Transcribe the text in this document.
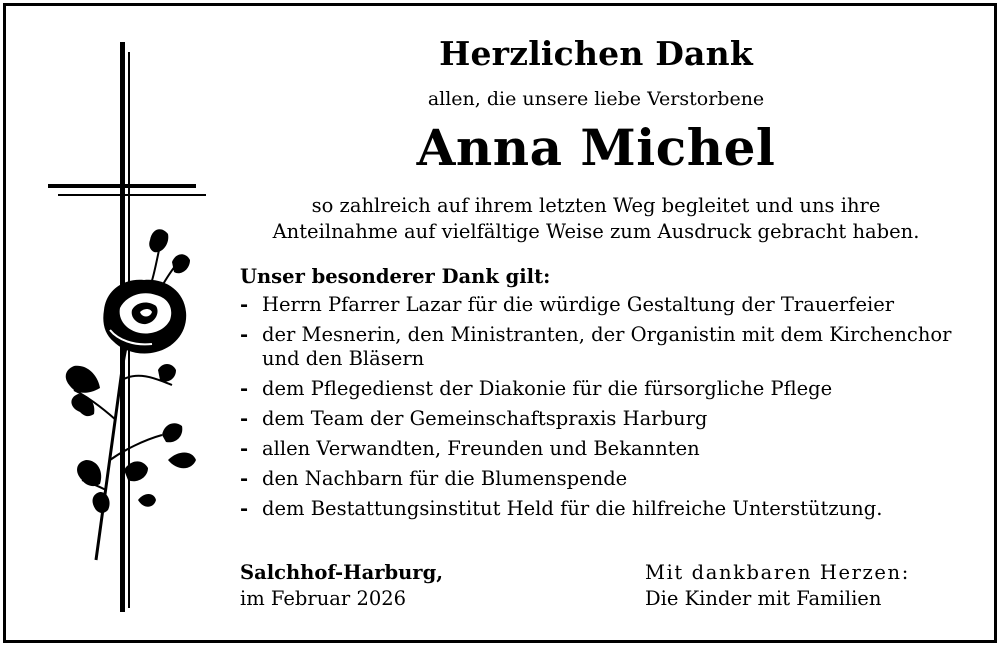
Herzlichen Dank

allen, die unsere liebe Verstorbene

Anna Michel

so zahlreich auf ihrem letzten Weg begleitet und uns ihre
Anteilnahme auf vielfältige Weise zum Ausdruck gebracht haben.

Unser besonderer Dank gilt:

- Herrn Pfarrer Lazar für die würdige Gestaltung der Trauerfeier
- der Mesnerin, den Ministranten, der Organistin mit dem Kirchenchor und den Bläsern
- dem Pflegedienst der Diakonie für die fürsorgliche Pflege
- dem Team der Gemeinschaftspraxis Harburg
- allen Verwandten, Freunden und Bekannten
- den Nachbarn für die Blumenspende
- dem Bestattungsinstitut Held für die hilfreiche Unterstützung.
Salchhof-Harburg,
im Februar 2026
Mit dankbaren Herzen:
Die Kinder mit Familien
